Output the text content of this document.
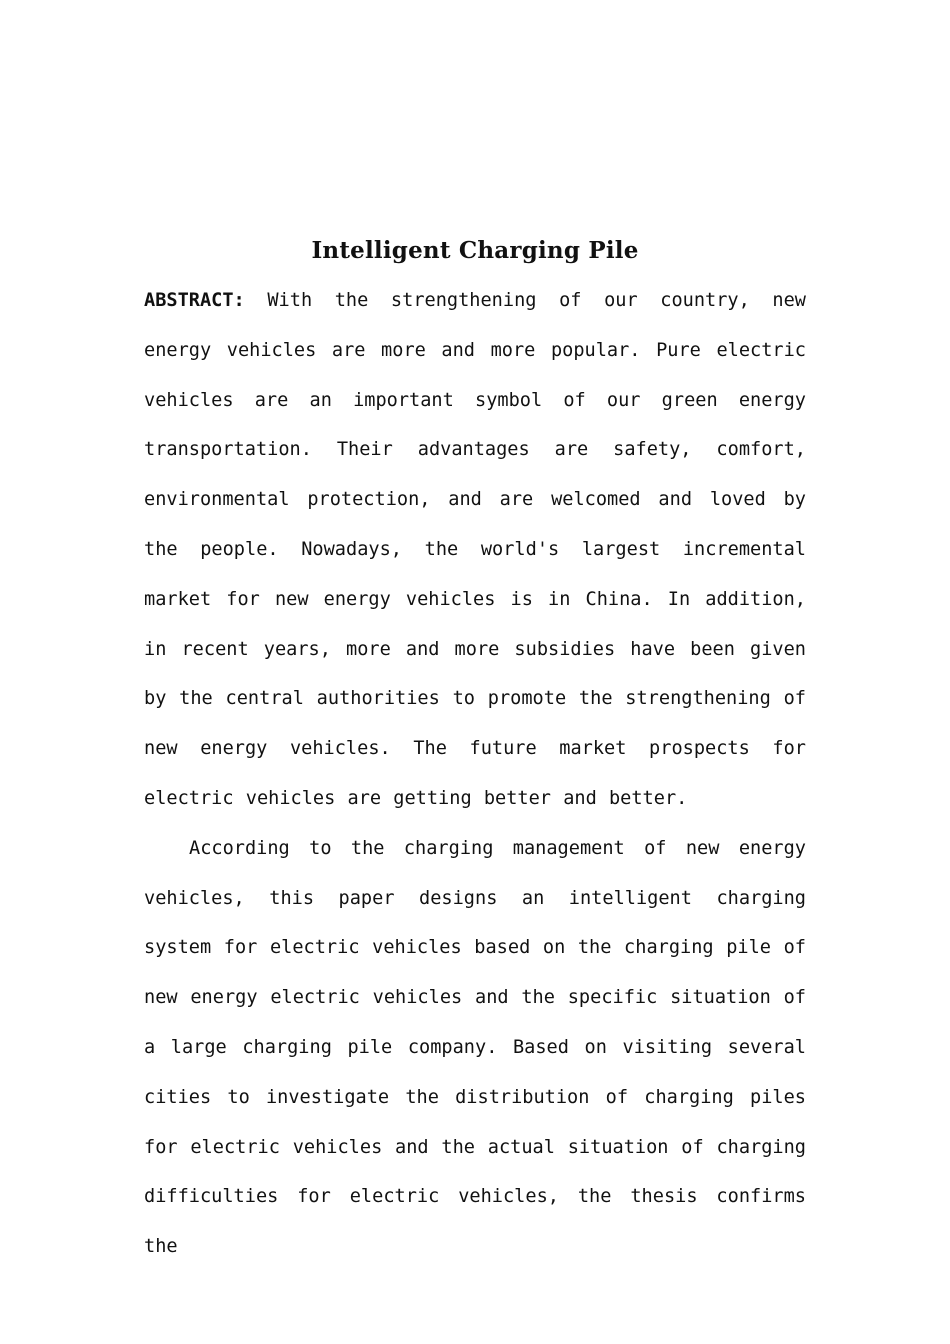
Intelligent Charging Pile

ABSTRACT: With the strengthening of our country, new energy vehicles are more and more popular. Pure electric vehicles are an important symbol of our green energy transportation. Their advantages are safety, comfort, environmental protection, and are welcomed and loved by the people. Nowadays, the world's largest incremental market for new energy vehicles is in China. In addition, in recent years, more and more subsidies have been given by the central authorities to promote the strengthening of new energy vehicles. The future market prospects for electric vehicles are getting better and better.

According to the charging management of new energy vehicles, this paper designs an intelligent charging system for electric vehicles based on the charging pile of new energy electric vehicles and the specific situation of a large charging pile company. Based on visiting several cities to investigate the distribution of charging piles for electric vehicles and the actual situation of charging difficulties for electric vehicles, the thesis confirms the
